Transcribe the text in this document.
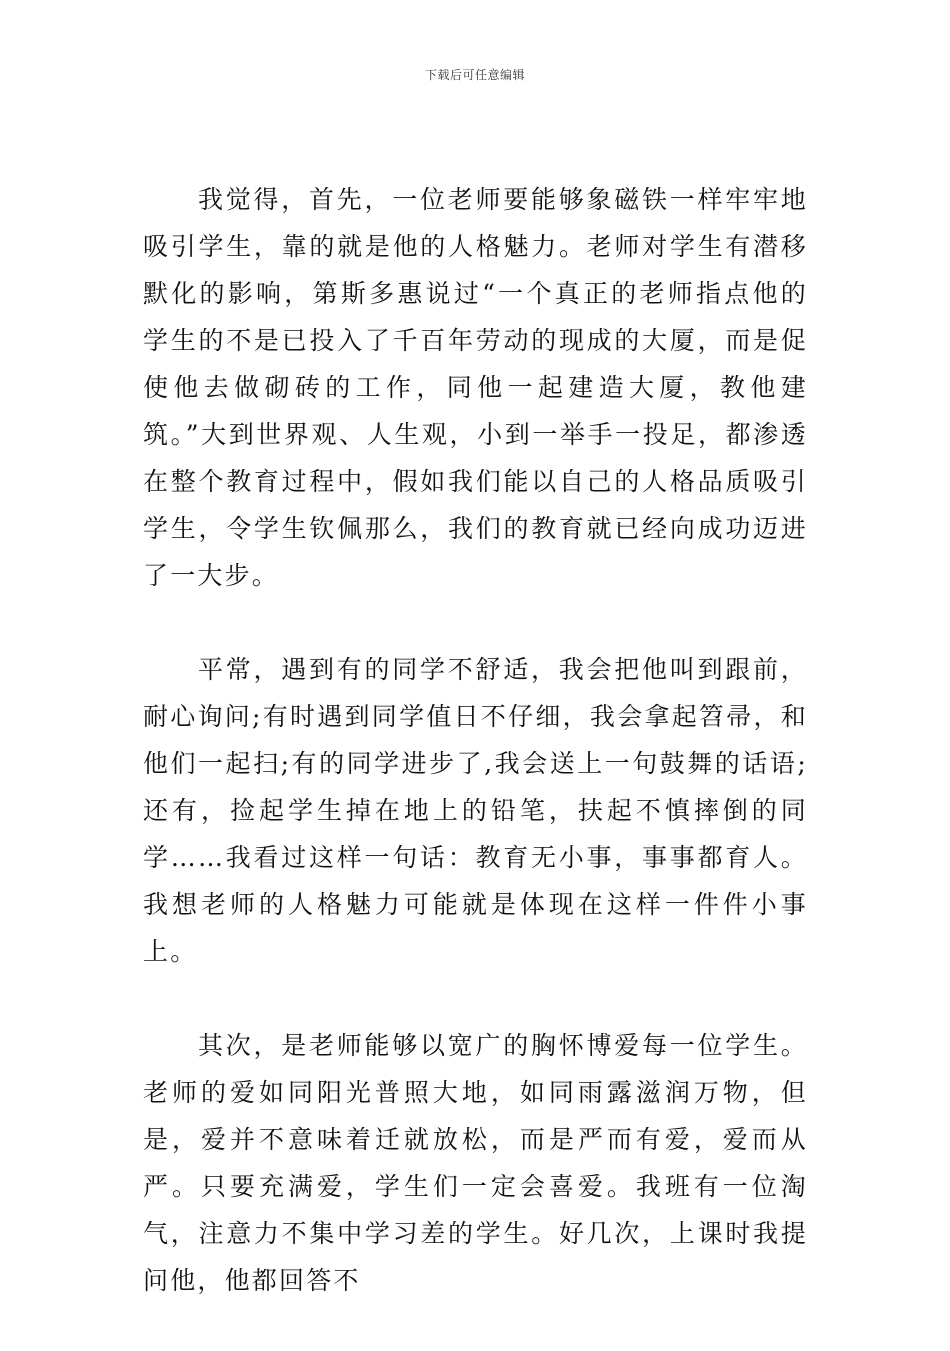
下载后可任意编辑

我觉得，首先，一位老师要能够象磁铁一样牢牢地吸引学生，靠的就是他的人格魅力。老师对学生有潜移默化的影响，第斯多惠说过“一个真正的老师指点他的学生的不是已投入了千百年劳动的现成的大厦，而是促使他去做砌砖的工作，同他一起建造大厦，教他建筑。”大到世界观、人生观，小到一举手一投足，都渗透在整个教育过程中，假如我们能以自己的人格品质吸引学生，令学生钦佩那么，我们的教育就已经向成功迈进了一大步。

平常，遇到有的同学不舒适，我会把他叫到跟前，耐心询问;有时遇到同学值日不仔细，我会拿起笤帚，和他们一起扫;有的同学进步了,我会送上一句鼓舞的话语;还有，捡起学生掉在地上的铅笔，扶起不慎摔倒的同学……我看过这样一句话：教育无小事，事事都育人。我想老师的人格魅力可能就是体现在这样一件件小事上。

其次，是老师能够以宽广的胸怀博爱每一位学生。老师的爱如同阳光普照大地，如同雨露滋润万物，但是，爱并不意味着迁就放松，而是严而有爱，爱而从严。只要充满爱，学生们一定会喜爱。我班有一位淘气，注意力不集中学习差的学生。好几次，上课时我提问他，他都回答不
